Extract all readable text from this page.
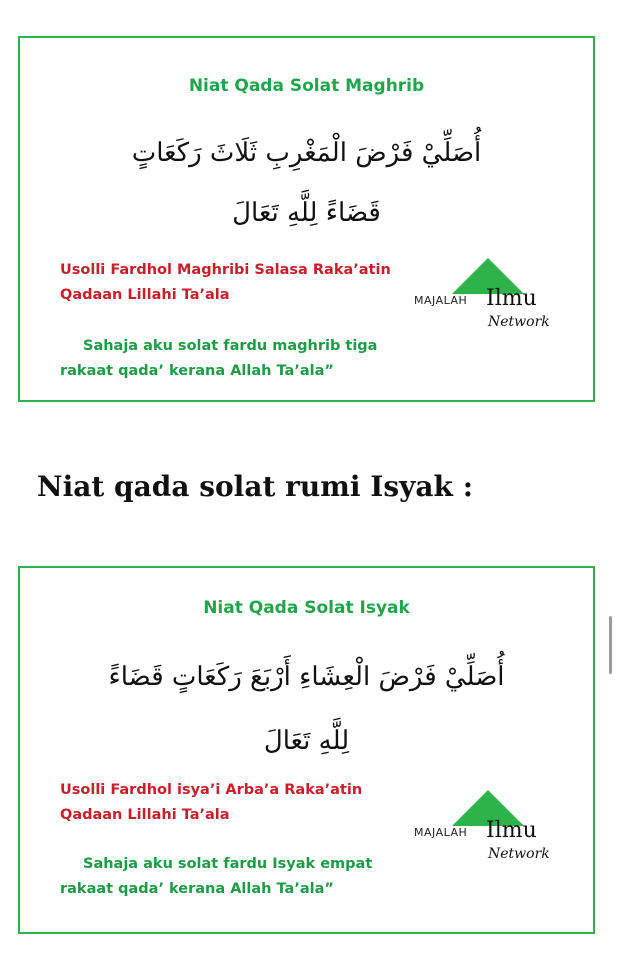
Niat Qada Solat Maghrib
أُصَلِّيْ فَرْضَ الْمَغْرِبِ ثَلَاثَ رَكَعَاتٍ
قَضَاءً لِلَّهِ تَعَالَ
Usolli Fardhol Maghribi Salasa Raka’atin
Qadaan Lillahi Ta’ala
Sahaja aku solat fardu maghrib tiga
rakaat qada’ kerana Allah Ta’ala”
MAJALAH Ilmu
Network
Niat qada solat rumi Isyak :
Niat Qada Solat Isyak
أُصَلِّيْ فَرْضَ الْعِشَاءِ أَرْبَعَ رَكَعَاتٍ قَضَاءً
لِلَّهِ تَعَالَ
Usolli Fardhol isya’i Arba’a Raka’atin
Qadaan Lillahi Ta’ala
Sahaja aku solat fardu Isyak empat
rakaat qada’ kerana Allah Ta’ala”
MAJALAH Ilmu
Network
